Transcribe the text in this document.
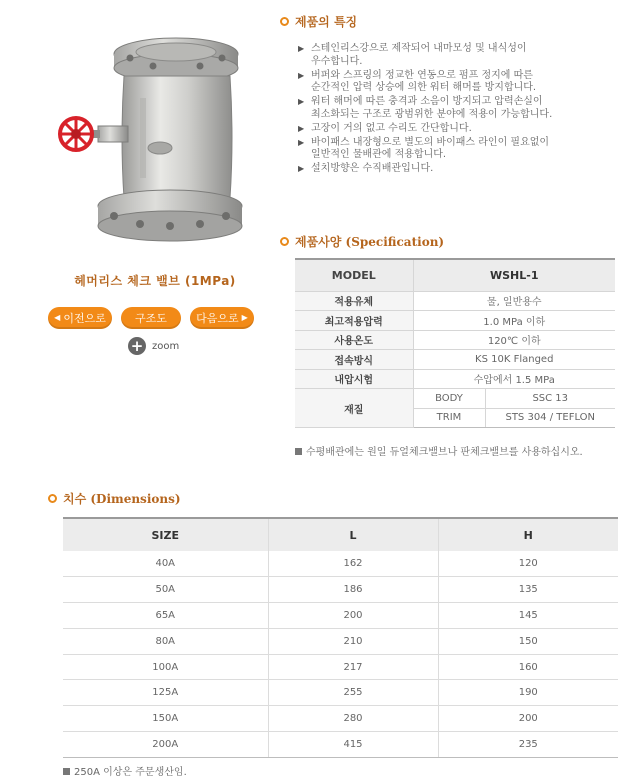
헤머리스 체크 밸브 (1MPa)
◀ 이전으로	구조도	다음으로 ▶
+ zoom
제품의 특징
▶ 스테인리스강으로 제작되어 내마모성 및 내식성이
우수합니다.
▶ 버퍼와 스프링의 정교한 연동으로 펌프 정지에 따른
순간적인 압력 상승에 의한 워터 해머를 방지합니다.
▶ 워터 해머에 따른 충격과 소음이 방지되고 압력손실이
최소화되는 구조로 광범위한 분야에 적용이 가능합니다.
▶ 고장이 거의 없고 수리도 간단합니다.
▶ 바이패스 내장형으로 별도의 바이패스 라인이 필요없이
일반적인 물배관에 적용합니다.
▶ 설치방향은 수직배관입니다.
제품사양 (Specification)
MODEL	WSHL-1	
적용유체	물, 일반용수	
최고적용압력	1.0 MPa 이하	
사용온도	120℃ 이하	
접속방식	KS 10K Flanged	
내압시험	수압에서 1.5 MPa	
재질	BODY	SSC 13
	TRIM	STS 304 / TEFLON
수평배관에는 원일 듀얼체크밸브나 판체크밸브를 사용하십시오.
치수 (Dimensions)
SIZE	L	H
40A	162	120
50A	186	135
65A	200	145
80A	210	150
100A	217	160
125A	255	190
150A	280	200
200A	415	235
250A 이상은 주문생산임.
